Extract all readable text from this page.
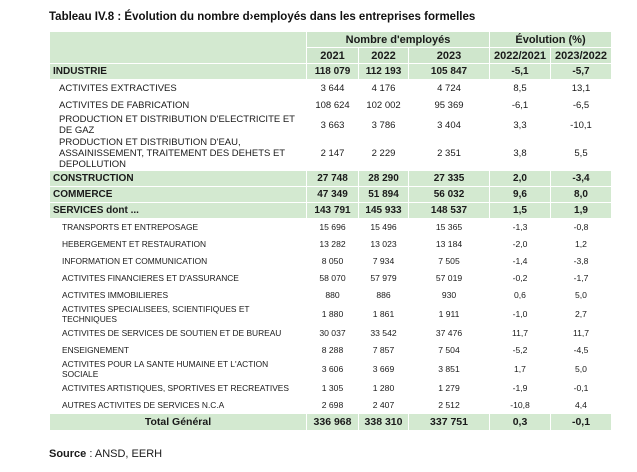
Tableau IV.8 : Évolution du nombre d›employés dans les entreprises formelles
	Nombre d'employés			Évolution (%)	
	2021	2022	2023	2022/2021	2023/2022
INDUSTRIE	118 079	112 193	105 847	-5,1	-5,7
ACTIVITES EXTRACTIVES	3 644	4 176	4 724	8,5	13,1
ACTIVITES DE FABRICATION	108 624	102 002	95 369	-6,1	-6,5
PRODUCTION ET DISTRIBUTION D'ELECTRICITE ET DE GAZ	3 663	3 786	3 404	3,3	-10,1
PRODUCTION ET DISTRIBUTION D'EAU, ASSAINISSEMENT, TRAITEMENT DES DEHETS ET DEPOLLUTION	2 147	2 229	2 351	3,8	5,5
CONSTRUCTION	27 748	28 290	27 335	2,0	-3,4
COMMERCE	47 349	51 894	56 032	9,6	8,0
SERVICES dont ...	143 791	145 933	148 537	1,5	1,9
TRANSPORTS ET ENTREPOSAGE	15 696	15 496	15 365	-1,3	-0,8
HEBERGEMENT ET RESTAURATION	13 282	13 023	13 184	-2,0	1,2
INFORMATION ET COMMUNICATION	8 050	7 934	7 505	-1,4	-3,8
ACTIVITES FINANCIERES ET D'ASSURANCE	58 070	57 979	57 019	-0,2	-1,7
ACTIVITES IMMOBILIERES	880	886	930	0,6	5,0
ACTIVITES SPECIALISEES, SCIENTIFIQUES ET TECHNIQUES	1 880	1 861	1 911	-1,0	2,7
ACTIVITES DE SERVICES DE SOUTIEN ET DE BUREAU	30 037	33 542	37 476	11,7	11,7
ENSEIGNEMENT	8 288	7 857	7 504	-5,2	-4,5
ACTIVITES POUR LA SANTE HUMAINE ET L'ACTION SOCIALE	3 606	3 669	3 851	1,7	5,0
ACTIVITES ARTISTIQUES, SPORTIVES ET RECREATIVES	1 305	1 280	1 279	-1,9	-0,1
AUTRES ACTIVITES DE SERVICES N.C.A	2 698	2 407	2 512	-10,8	4,4
Total Général	336 968	338 310	337 751	0,3	-0,1
Source : ANSD, EERH
